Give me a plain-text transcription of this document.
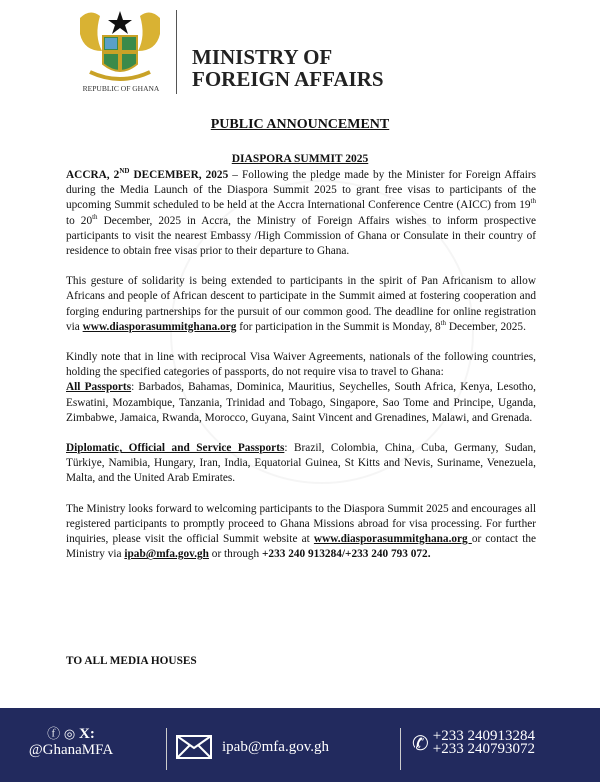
REPUBLIC OF GHANA
MINISTRY OF
FOREIGN AFFAIRS
PUBLIC ANNOUNCEMENT
DIASPORA SUMMIT 2025

ACCRA, 2ND DECEMBER, 2025 – Following the pledge made by the Minister for Foreign Affairs during the Media Launch of the Diaspora Summit 2025 to grant free visas to participants of the upcoming Summit scheduled to be held at the Accra International Conference Centre (AICC) from 19th to 20th December, 2025 in Accra, the Ministry of Foreign Affairs wishes to inform prospective participants to visit the nearest Embassy /High Commission of Ghana or Consulate in their country of residence to obtain free visas prior to their departure to Ghana.

This gesture of solidarity is being extended to participants in the spirit of Pan Africanism to allow Africans and people of African descent to participate in the Summit aimed at fostering cooperation and forging enduring partnerships for the pursuit of our common good. The deadline for online registration via www.diasporasummitghana.org for participation in the Summit is Monday, 8th December, 2025.

Kindly note that in line with reciprocal Visa Waiver Agreements, nationals of the following countries, holding the specified categories of passports, do not require visa to travel to Ghana:
All Passports: Barbados, Bahamas, Dominica, Mauritius, Seychelles, South Africa, Kenya, Lesotho, Eswatini, Mozambique, Tanzania, Trinidad and Tobago, Singapore, Sao Tome and Principe, Uganda, Zimbabwe, Jamaica, Rwanda, Morocco, Guyana, Saint Vincent and Grenadines, Malawi, and Grenada.

Diplomatic, Official and Service Passports: Brazil, Colombia, China, Cuba, Germany, Sudan, Türkiye, Namibia, Hungary, Iran, India, Equatorial Guinea, St Kitts and Nevis, Suriname, Venezuela, Malta, and the United Arab Emirates.

The Ministry looks forward to welcoming participants to the Diaspora Summit 2025 and encourages all registered participants to promptly proceed to Ghana Missions abroad for visa processing. For further inquiries, please visit the official Summit website at www.diasporasummitghana.org or contact the Ministry via ipab@mfa.gov.gh or through +233 240 913284/+233 240 793 072.

TO ALL MEDIA HOUSES
ⓕ ◎ X:
@GhanaMFA	ipab@mfa.gov.gh	✆ +233 240913284
+233 240793072
